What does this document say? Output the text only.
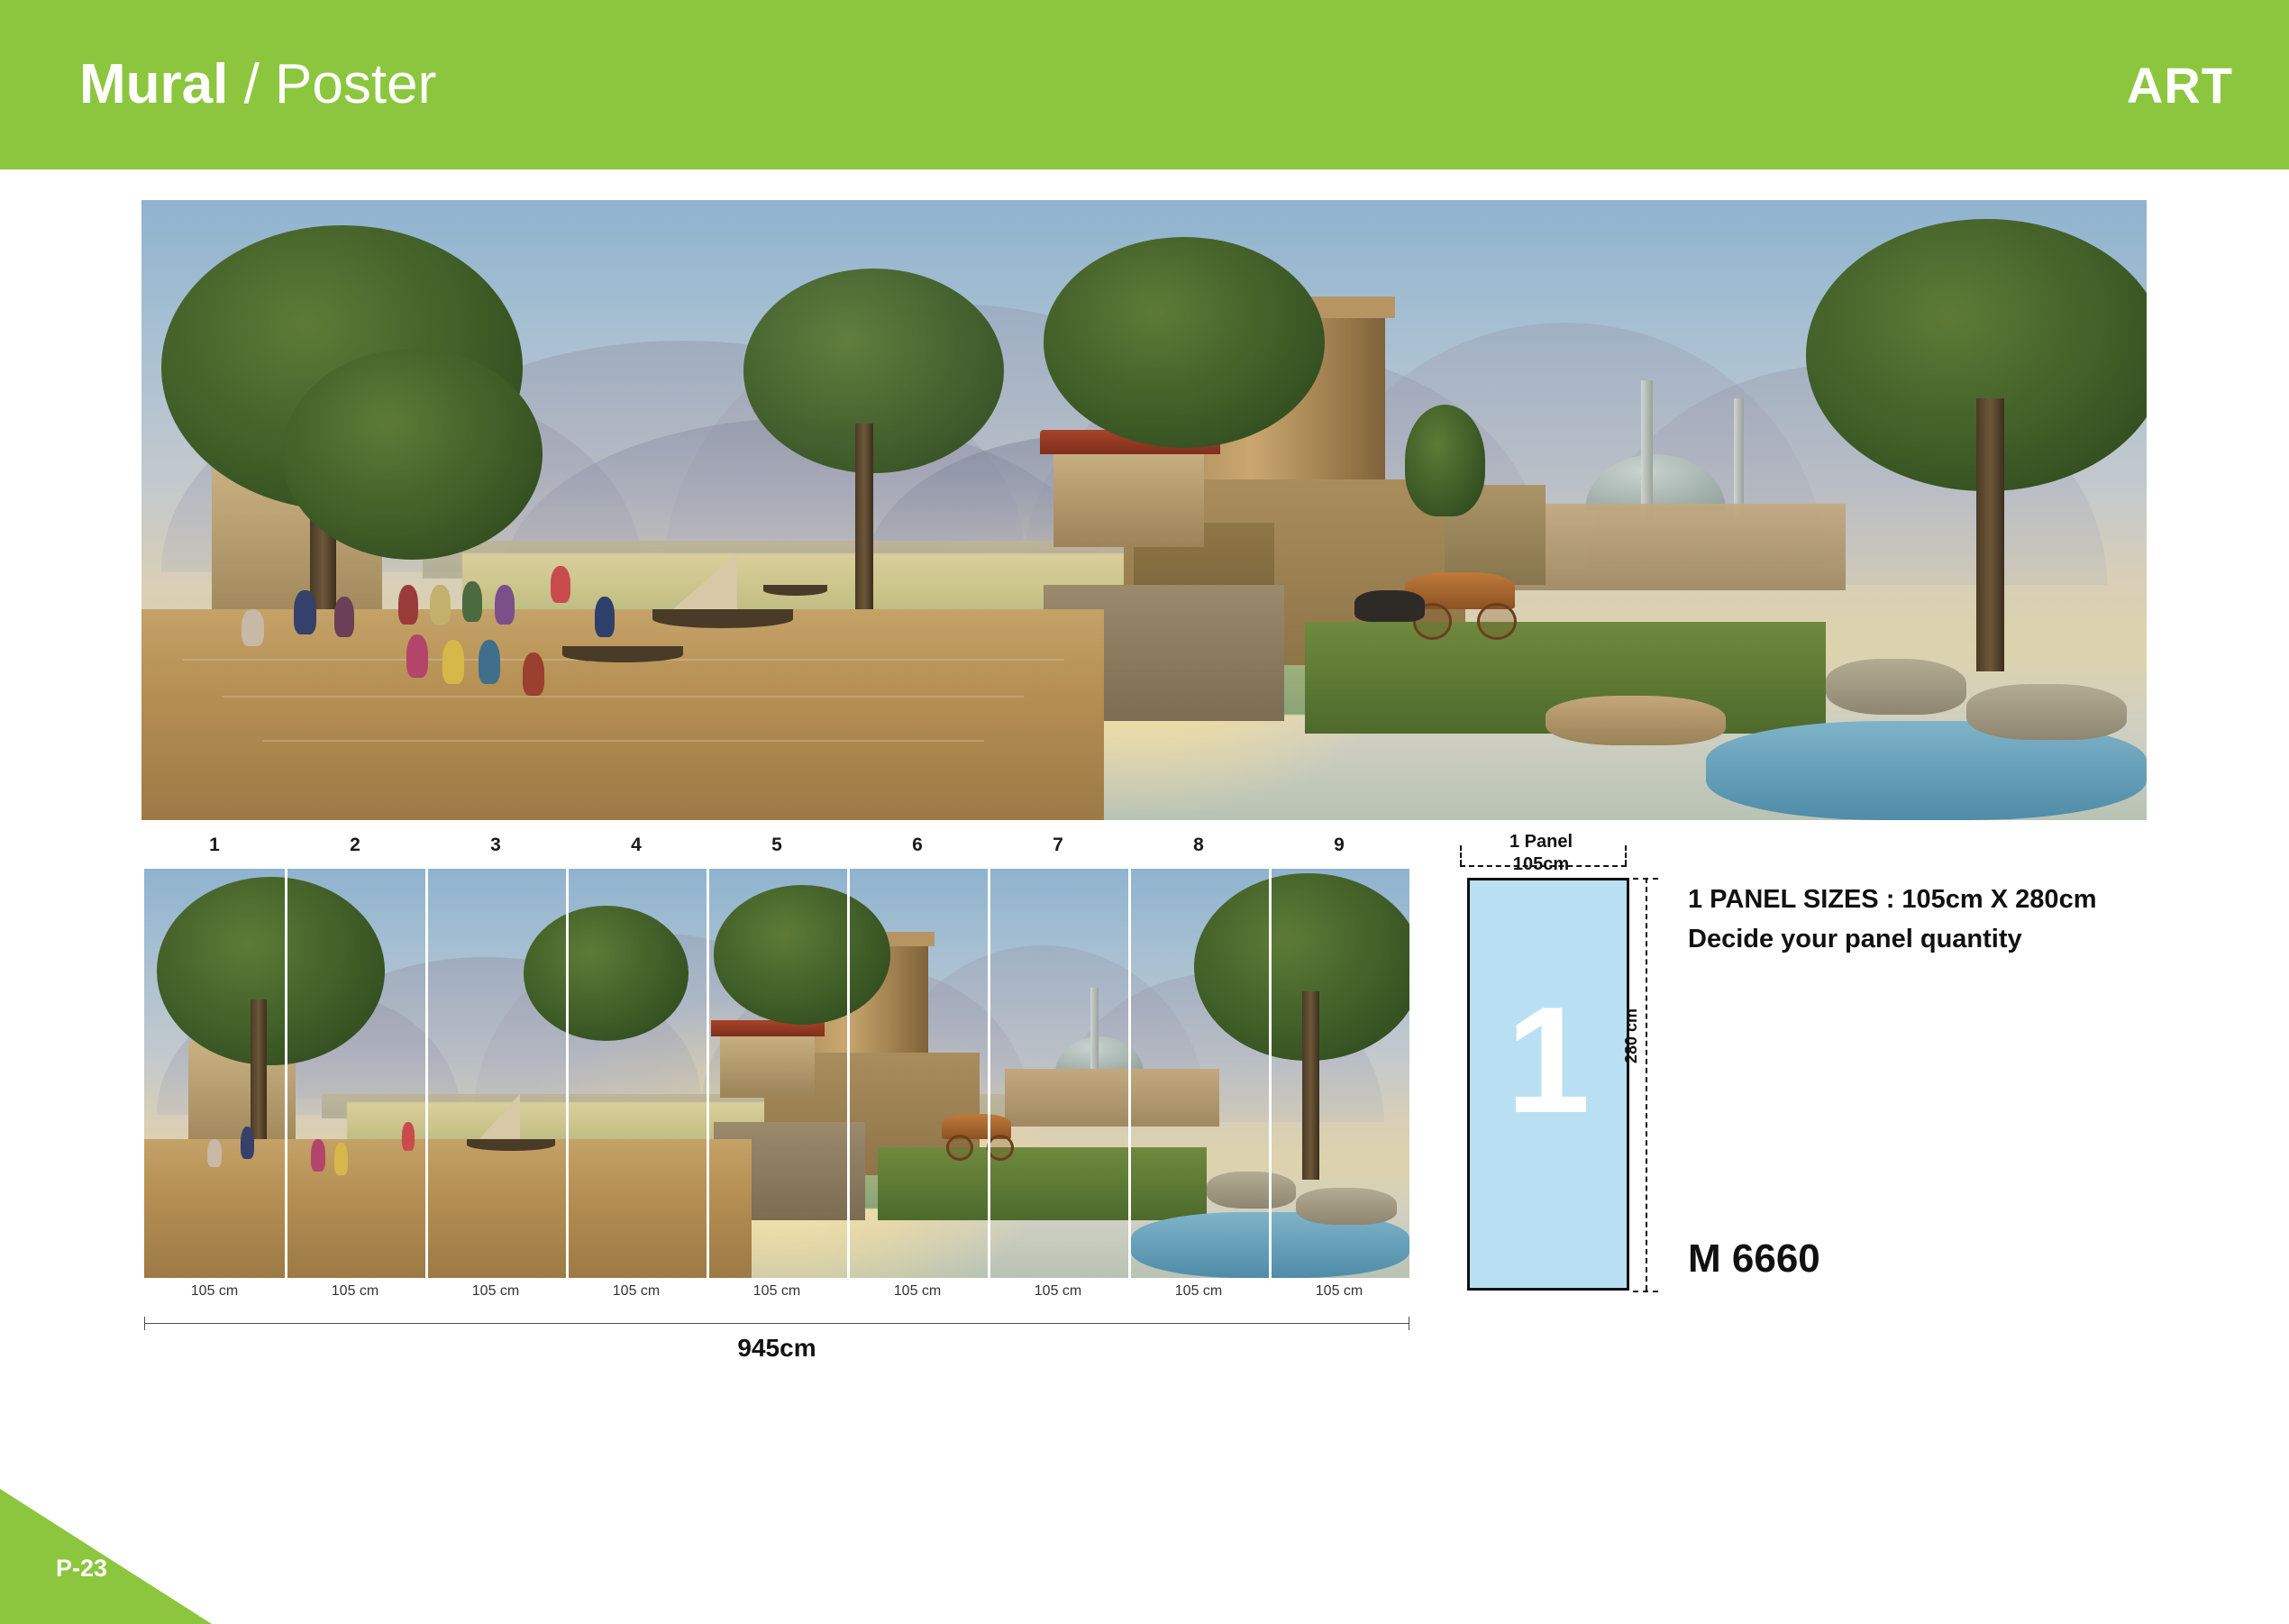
Mural / Poster	ART
1	2	3	4	5	6	7	8	9
105 cm	105 cm	105 cm	105 cm	105 cm	105 cm	105 cm	105 cm	105 cm
945cm
1 Panel
105cm
1	280 cm
1 PANEL SIZES : 105cm X 280cm
Decide your panel quantity
M 6660
P-23
